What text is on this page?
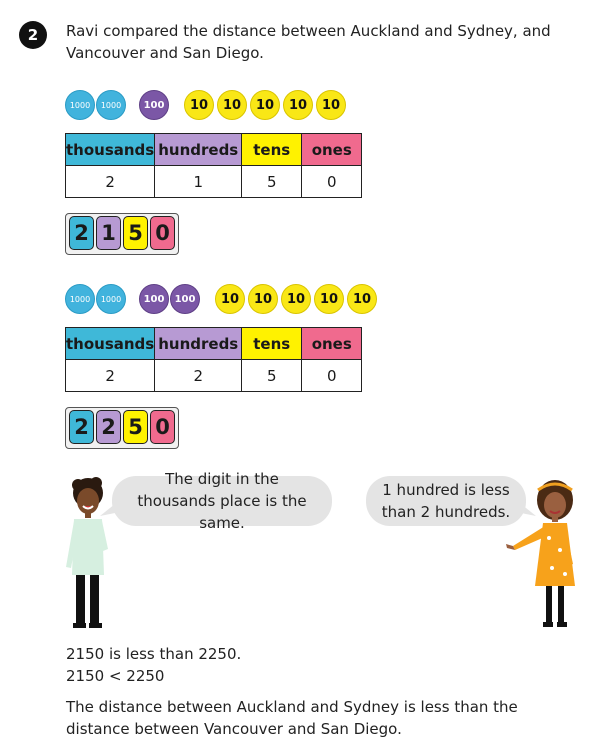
2	Ravi compared the distance between Auckland and Sydney, and Vancouver and San Diego.
1000	1000	100	10	10	10	10	10
thousands	hundreds	tens	ones
2	1	5	0
2 1 5 0
1000	1000	100	100	10	10	10	10	10
thousands	hundreds	tens	ones
2	2	5	0
2 2 5 0
The digit in the thousands place is the same.
1 hundred is less than 2 hundreds.
2150 is less than 2250.
2150 < 2250
The distance between Auckland and Sydney is less than the distance between Vancouver and San Diego.
